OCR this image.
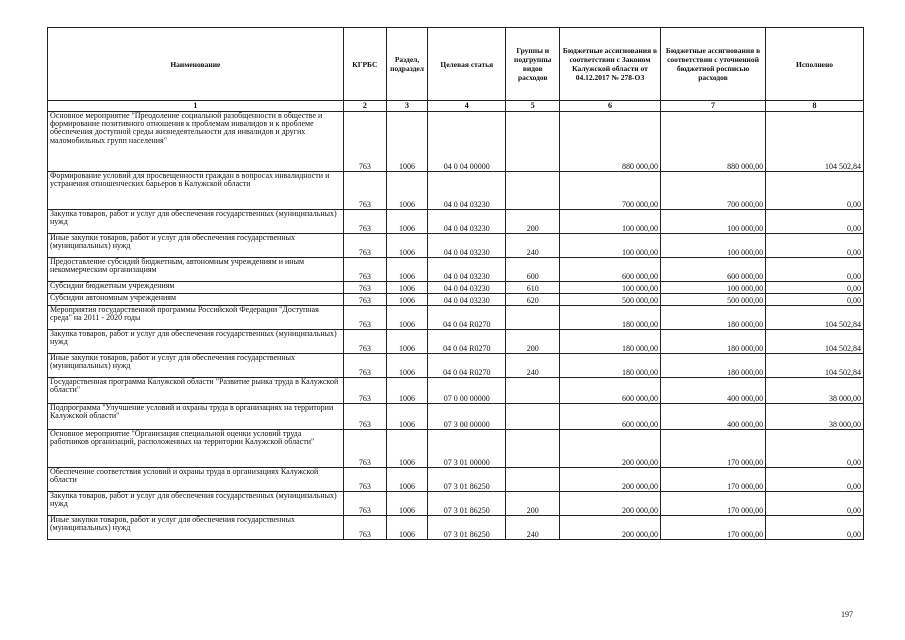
Наименование	КГРБС	Раздел, подраздел	Целевая статья	Группы и подгруппы видов расходов	Бюджетные ассигнования в соответствии с Законом Калужской области от 04.12.2017 № 278-ОЗ	Бюджетные ассигнования в соответствии с уточненной бюджетной росписью расходов	Исполнено
1	2	3	4	5	6	7	8
Основное мероприятие "Преодоление социальной разобщенности в обществе и формирование позитивного отношения к проблемам инвалидов и к проблеме обеспечения доступной среды жизнедеятельности для инвалидов и других маломобильных групп населения"	763	1006	04 0 04 00000		880 000,00	880 000,00	104 502,84
Формирование условий для просвещенности граждан в вопросах инвалидности и устранения отношенческих барьеров в Калужской области	763	1006	04 0 04 03230		700 000,00	700 000,00	0,00
Закупка товаров, работ и услуг для обеспечения государственных (муниципальных) нужд	763	1006	04 0 04 03230	200	100 000,00	100 000,00	0,00
Иные закупки товаров, работ и услуг для обеспечения государственных (муниципальных) нужд	763	1006	04 0 04 03230	240	100 000,00	100 000,00	0,00
Предоставление субсидий бюджетным, автономным учреждениям и иным некоммерческим организациям	763	1006	04 0 04 03230	600	600 000,00	600 000,00	0,00
Субсидии бюджетным учреждениям	763	1006	04 0 04 03230	610	100 000,00	100 000,00	0,00
Субсидии автономным учреждениям	763	1006	04 0 04 03230	620	500 000,00	500 000,00	0,00
Мероприятия государственной программы Российской Федерации "Доступная среда" на 2011 - 2020 годы	763	1006	04 0 04 R0270		180 000,00	180 000,00	104 502,84
Закупка товаров, работ и услуг для обеспечения государственных (муниципальных) нужд	763	1006	04 0 04 R0270	200	180 000,00	180 000,00	104 502,84
Иные закупки товаров, работ и услуг для обеспечения государственных (муниципальных) нужд	763	1006	04 0 04 R0270	240	180 000,00	180 000,00	104 502,84
Государственная программа Калужской области "Развитие рынка труда в Калужской области"	763	1006	07 0 00 00000		600 000,00	400 000,00	38 000,00
Подпрограмма "Улучшение условий и охраны труда в организациях на территории Калужской области"	763	1006	07 3 00 00000		600 000,00	400 000,00	38 000,00
Основное мероприятие "Организация специальной оценки условий труда работников организаций, расположенных на территории Калужской области"	763	1006	07 3 01 00000		200 000,00	170 000,00	0,00
Обеспечение соответствия условий и охраны труда в организациях Калужской области	763	1006	07 3 01 86250		200 000,00	170 000,00	0,00
Закупка товаров, работ и услуг для обеспечения государственных (муниципальных) нужд	763	1006	07 3 01 86250	200	200 000,00	170 000,00	0,00
Иные закупки товаров, работ и услуг для обеспечения государственных (муниципальных) нужд	763	1006	07 3 01 86250	240	200 000,00	170 000,00	0,00
197
